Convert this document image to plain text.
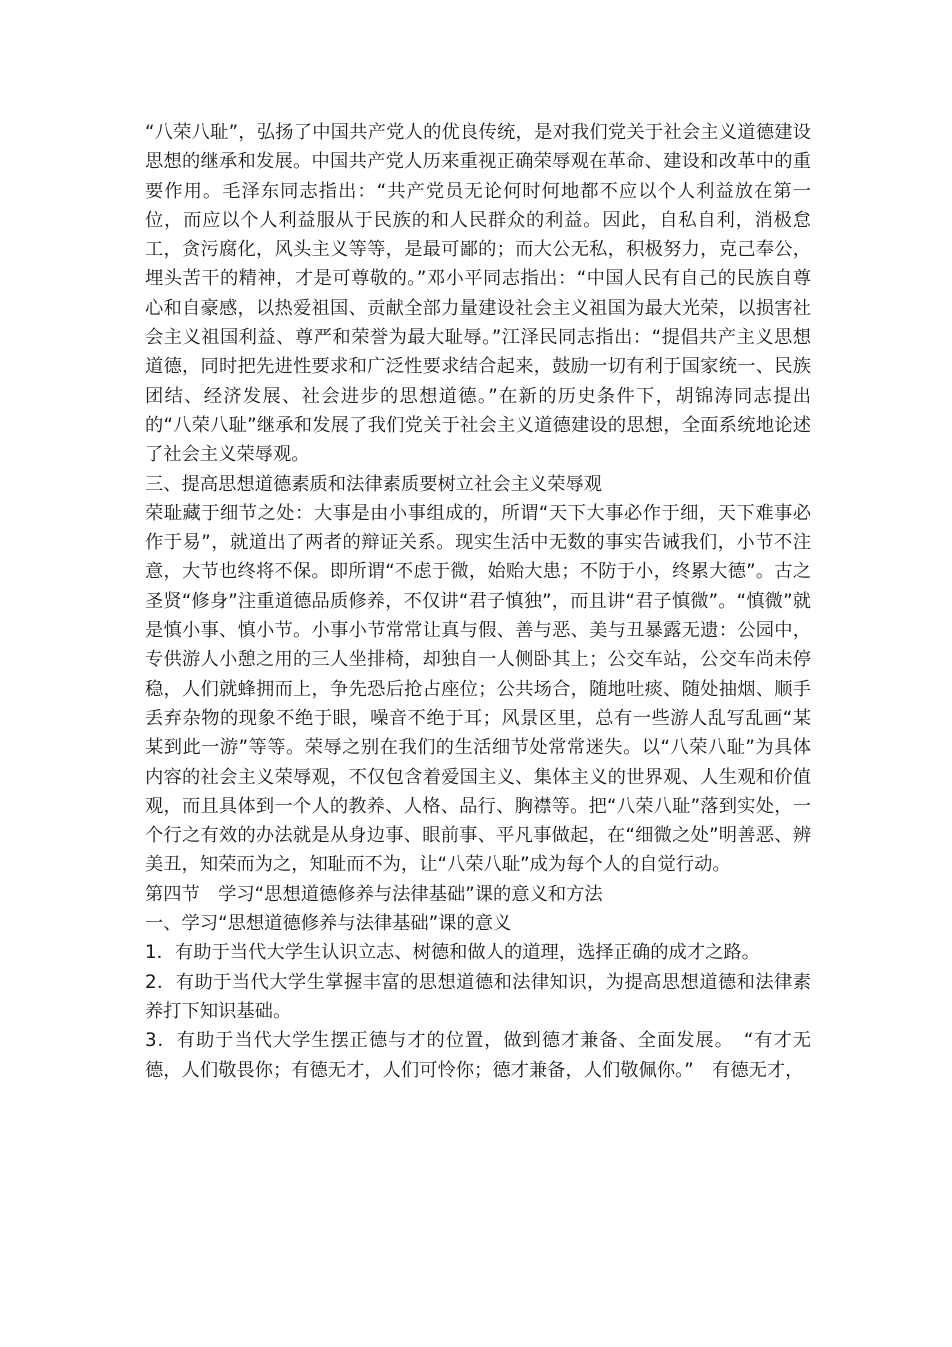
“八荣八耻”，弘扬了中国共产党人的优良传统，是对我们党关于社会主义道德建设思想的继承和发展。中国共产党人历来重视正确荣辱观在革命、建设和改革中的重要作用。毛泽东同志指出：“共产党员无论何时何地都不应以个人利益放在第一位，而应以个人利益服从于民族的和人民群众的利益。因此，自私自利，消极怠工，贪污腐化，风头主义等等，是最可鄙的；而大公无私，积极努力，克己奉公，埋头苦干的精神，才是可尊敬的。”邓小平同志指出：“中国人民有自己的民族自尊心和自豪感，以热爱祖国、贡献全部力量建设社会主义祖国为最大光荣，以损害社会主义祖国利益、尊严和荣誉为最大耻辱。”江泽民同志指出：“提倡共产主义思想道德，同时把先进性要求和广泛性要求结合起来，鼓励一切有利于国家统一、民族团结、经济发展、社会进步的思想道德。”在新的历史条件下，胡锦涛同志提出的“八荣八耻”继承和发展了我们党关于社会主义道德建设的思想，全面系统地论述了社会主义荣辱观。

三、提高思想道德素质和法律素质要树立社会主义荣辱观

荣耻藏于细节之处：大事是由小事组成的，所谓“天下大事必作于细，天下难事必作于易”，就道出了两者的辩证关系。现实生活中无数的事实告诫我们，小节不注意，大节也终将不保。即所谓“不虑于微，始贻大患；不防于小，终累大德”。古之圣贤“修身”注重道德品质修养，不仅讲“君子慎独”，而且讲“君子慎微”。“慎微”就是慎小事、慎小节。小事小节常常让真与假、善与恶、美与丑暴露无遗：公园中，专供游人小憩之用的三人坐排椅，却独自一人侧卧其上；公交车站，公交车尚未停稳，人们就蜂拥而上，争先恐后抢占座位；公共场合，随地吐痰、随处抽烟、顺手丢弃杂物的现象不绝于眼，噪音不绝于耳；风景区里，总有一些游人乱写乱画“某某到此一游”等等。荣辱之别在我们的生活细节处常常迷失。以“八荣八耻”为具体内容的社会主义荣辱观，不仅包含着爱国主义、集体主义的世界观、人生观和价值观，而且具体到一个人的教养、人格、品行、胸襟等。把“八荣八耻”落到实处，一个行之有效的办法就是从身边事、眼前事、平凡事做起，在“细微之处”明善恶、辨美丑，知荣而为之，知耻而不为，让“八荣八耻”成为每个人的自觉行动。

第四节　学习“思想道德修养与法律基础”课的意义和方法

一、学习“思想道德修养与法律基础”课的意义

1．有助于当代大学生认识立志、树德和做人的道理，选择正确的成才之路。

2．有助于当代大学生掌握丰富的思想道德和法律知识，为提高思想道德和法律素养打下知识基础。

3．有助于当代大学生摆正德与才的位置，做到德才兼备、全面发展。　“有才无德，人们敬畏你；有德无才，人们可怜你；德才兼备，人们敬佩你。”　有德无才，
